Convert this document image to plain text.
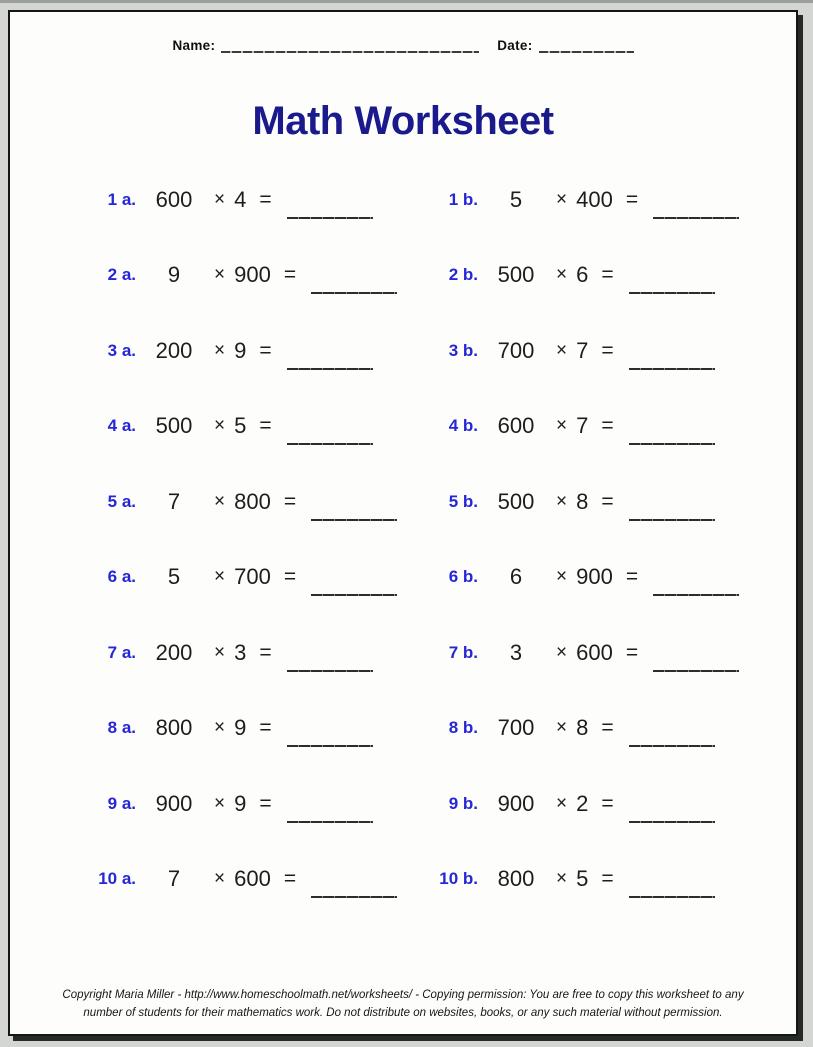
Name:	Date:
Math Worksheet
1 a. 600	× 4 =	1 b.	5	× 400 =
2 a.	9	× 900 =	2 b. 500	× 6 =
3 a. 200	× 9 =	3 b. 700	× 7 =
4 a. 500	× 5 =	4 b. 600	× 7 =
5 a.	7	× 800 =	5 b. 500	× 8 =
6 a.	5	× 700 =	6 b.	6	× 900 =
7 a. 200	× 3 =	7 b.	3	× 600 =
8 a. 800	× 9 =	8 b. 700	× 8 =
9 a. 900	× 9 =	9 b. 900	× 2 =
10 a.	7	× 600 =	10 b. 800	× 5 =
Copyright Maria Miller - http://www.homeschoolmath.net/worksheets/ - Copying permission: You are free to copy this worksheet to any
number of students for their mathematics work. Do not distribute on websites, books, or any such material without permission.
